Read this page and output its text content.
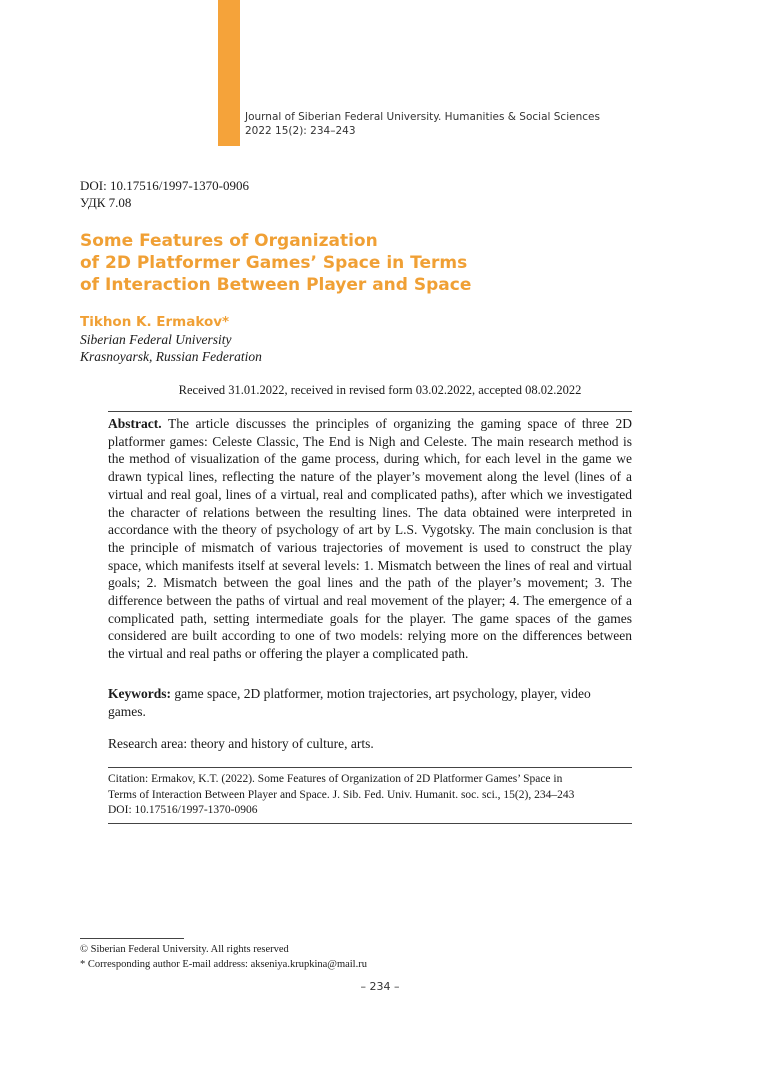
Journal of Siberian Federal University. Humanities & Social Sciences
2022 15(2): 234–243
DOI: 10.17516/1997-1370-0906
УДК 7.08
Some Features of Organization
of 2D Platformer Games’ Space in Terms
of Interaction Between Player and Space
Tikhon K. Ermakov*
Siberian Federal University
Krasnoyarsk, Russian Federation
Received 31.01.2022, received in revised form 03.02.2022, accepted 08.02.2022
Abstract. The article discusses the principles of organizing the gaming space of three 2D platformer games: Celeste Classic, The End is Nigh and Celeste. The main research method is the method of visualization of the game process, during which, for each level in the game we drawn typical lines, reflecting the nature of the player’s movement along the level (lines of a virtual and real goal, lines of a virtual, real and complicated paths), after which we investigated the character of relations between the resulting lines. The data obtained were interpreted in accordance with the theory of psychology of art by L.S. Vygotsky. The main conclusion is that the principle of mismatch of various trajectories of movement is used to construct the play space, which manifests itself at several levels: 1. Mismatch between the lines of real and virtual goals; 2. Mismatch between the goal lines and the path of the player’s movement; 3. The difference between the paths of virtual and real movement of the player; 4. The emergence of a complicated path, setting intermediate goals for the player. The game spaces of the games considered are built according to one of two models: relying more on the differences between the virtual and real paths or offering the player a complicated path.
Keywords: game space, 2D platformer, motion trajectories, art psychology, player, video games.
Research area: theory and history of culture, arts.
Citation: Ermakov, K.T. (2022). Some Features of Organization of 2D Platformer Games’ Space in
Terms of Interaction Between Player and Space. J. Sib. Fed. Univ. Humanit. soc. sci., 15(2), 234–243
DOI: 10.17516/1997-1370-0906
© Siberian Federal University. All rights reserved
* Corresponding author E-mail address: akseniya.krupkina@mail.ru
– 234 –
